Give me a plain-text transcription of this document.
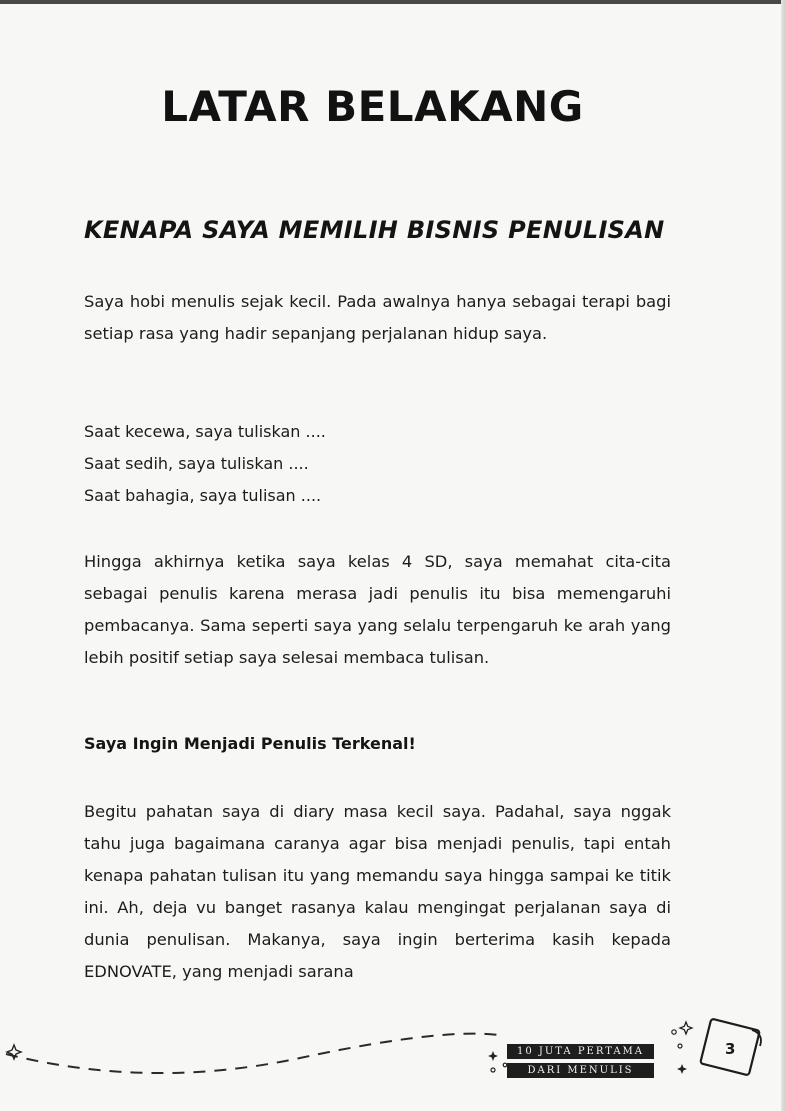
LATAR BELAKANG
KENAPA SAYA MEMILIH BISNIS PENULISAN

Saya hobi menulis sejak kecil. Pada awalnya hanya sebagai terapi bagi setiap rasa yang hadir sepanjang perjalanan hidup saya.

Saat kecewa, saya tuliskan ....
Saat sedih, saya tuliskan ....
Saat bahagia, saya tulisan ....

Hingga akhirnya ketika saya kelas 4 SD, saya memahat cita-cita sebagai penulis karena merasa jadi penulis itu bisa memengaruhi pembacanya. Sama seperti saya yang selalu terpengaruh ke arah yang lebih positif setiap saya selesai membaca tulisan.

Saya Ingin Menjadi Penulis Terkenal!

Begitu pahatan saya di diary masa kecil saya. Padahal, saya nggak tahu juga bagaimana caranya agar bisa menjadi penulis, tapi entah kenapa pahatan tulisan itu yang memandu saya hingga sampai ke titik ini. Ah, deja vu banget rasanya kalau mengingat perjalanan saya di dunia penulisan. Makanya, saya ingin berterima kasih kepada EDNOVATE, yang menjadi sarana

10 JUTA PERTAMA
DARI MENULIS
3
